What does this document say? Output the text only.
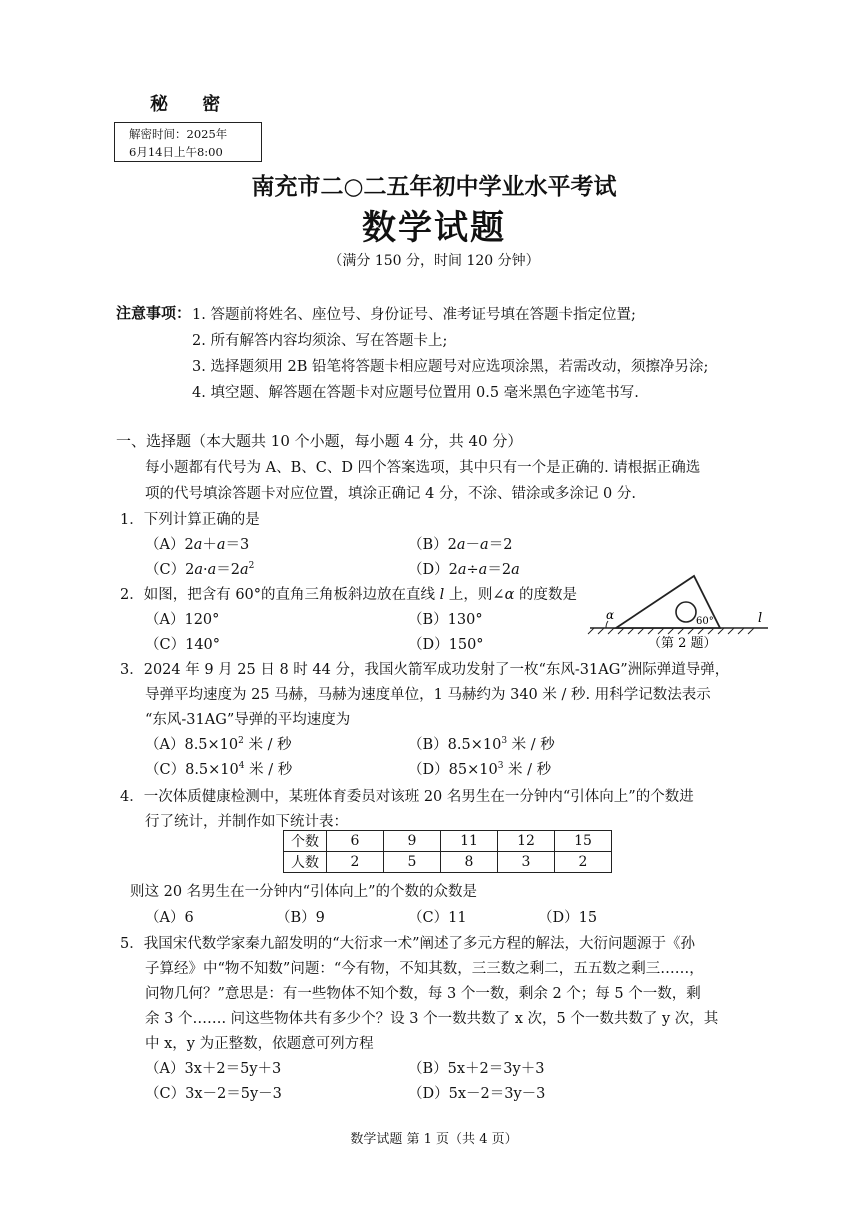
秘 密
解密时间：2025年
6月14日上午8:00
南充市二○二五年初中学业水平考试
数学试题
（满分 150 分，时间 120 分钟）
注意事项： 1. 答题前将姓名、座位号、身份证号、准考证号填在答题卡指定位置;
2. 所有解答内容均须涂、写在答题卡上;
3. 选择题须用 2B 铅笔将答题卡相应题号对应选项涂黑，若需改动，须擦净另涂;
4. 填空题、解答题在答题卡对应题号位置用 0.5 毫米黑色字迹笔书写.
一、选择题（本大题共 10 个小题，每小题 4 分，共 40 分）
每小题都有代号为 A、B、C、D 四个答案选项，其中只有一个是正确的. 请根据正确选
项的代号填涂答题卡对应位置，填涂正确记 4 分，不涂、错涂或多涂记 0 分.
1．下列计算正确的是
（A）2a＋a＝3	（B）2a－a＝2
$(C)2a\cdot a=2a^2$	（D）2a÷a＝2a
2．如图，把含有 60°的直角三角板斜边放在直线 l 上，则∠α 的度数是
（A）120°	（B）130°
（C）140°	（D）150°
α	60°	l
（第 2 题）
3．2024 年 9 月 25 日 8 时 44 分，我国火箭军成功发射了一枚“东风-31AG”洲际弹道导弹，
导弹平均速度为 25 马赫，马赫为速度单位，1 马赫约为 340 米 / 秒. 用科学记数法表示
“东风-31AG”导弹的平均速度为
$(A)8.5\times 10^2$ 米 / 秒	$(B)8.5\times 10^3$ 米 / 秒
$(C)8.5\times 10^4$ 米 / 秒	$(D)85\times 10^3$ 米 / 秒
4．一次体质健康检测中，某班体育委员对该班 20 名男生在一分钟内“引体向上”的个数进
行了统计，并制作如下统计表：
个数	6	9	11	12	15
人数	2	5	8	3	2
则这 20 名男生在一分钟内“引体向上”的个数的众数是
（A）6	（B）9	（C）11	（D）15
5．我国宋代数学家秦九韶发明的“大衍求一术”阐述了多元方程的解法，大衍问题源于《孙
子算经》中“物不知数”问题：“今有物，不知其数，三三数之剩二，五五数之剩三……，
问物几何？”意思是：有一些物体不知个数，每 3 个一数，剩余 2 个；每 5 个一数，剩
余 3 个……. 问这些物体共有多少个？设 3 个一数共数了 x 次，5 个一数共数了 y 次，其
中 x，y 为正整数，依题意可列方程
（A）3x＋2＝5y＋3	（B）5x＋2＝3y＋3
（C）3x－2＝5y－3	（D）5x－2＝3y－3
数学试题 第 1 页（共 4 页）
